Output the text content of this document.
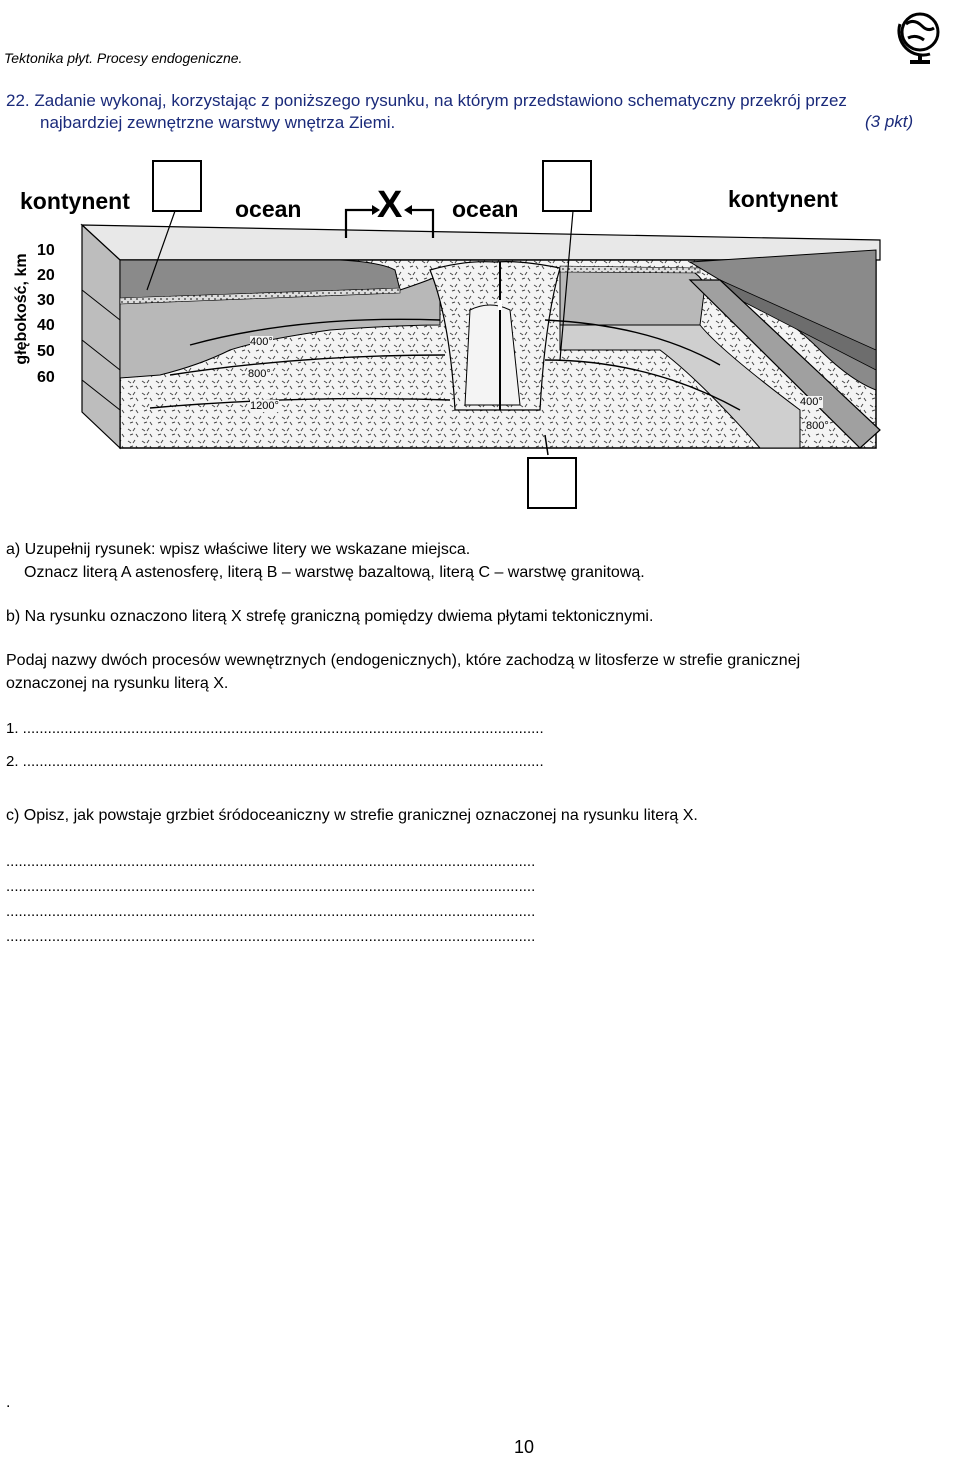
Tektonika płyt. Procesy endogeniczne.
22. Zadanie wykonaj, korzystając z poniższego rysunku, na którym przedstawiono schematyczny przekrój przez
najbardziej zewnętrzne warstwy wnętrza Ziemi.	(3 pkt)
kontynent	ocean X ocean	kontynent
głębokość, km
10
20
30
40
50
60
400°
800°
1200°	400°
800°
a) Uzupełnij rysunek: wpisz właściwe litery we wskazane miejsca.
Oznacz literą A astenosferę, literą B – warstwę bazaltową, literą C – warstwę granitową.
b) Na rysunku oznaczono literą X strefę graniczną pomiędzy dwiema płytami tektonicznymi.
Podaj nazwy dwóch procesów wewnętrznych (endogenicznych), które zachodzą w litosferze w strefie granicznej
oznaczonej na rysunku literą X.
1. .............................................................................................................................
2. .............................................................................................................................
c) Opisz, jak powstaje grzbiet śródoceaniczny w strefie granicznej oznaczonej na rysunku literą X.
...............................................................................................................................
...............................................................................................................................
...............................................................................................................................
...............................................................................................................................
.
10
